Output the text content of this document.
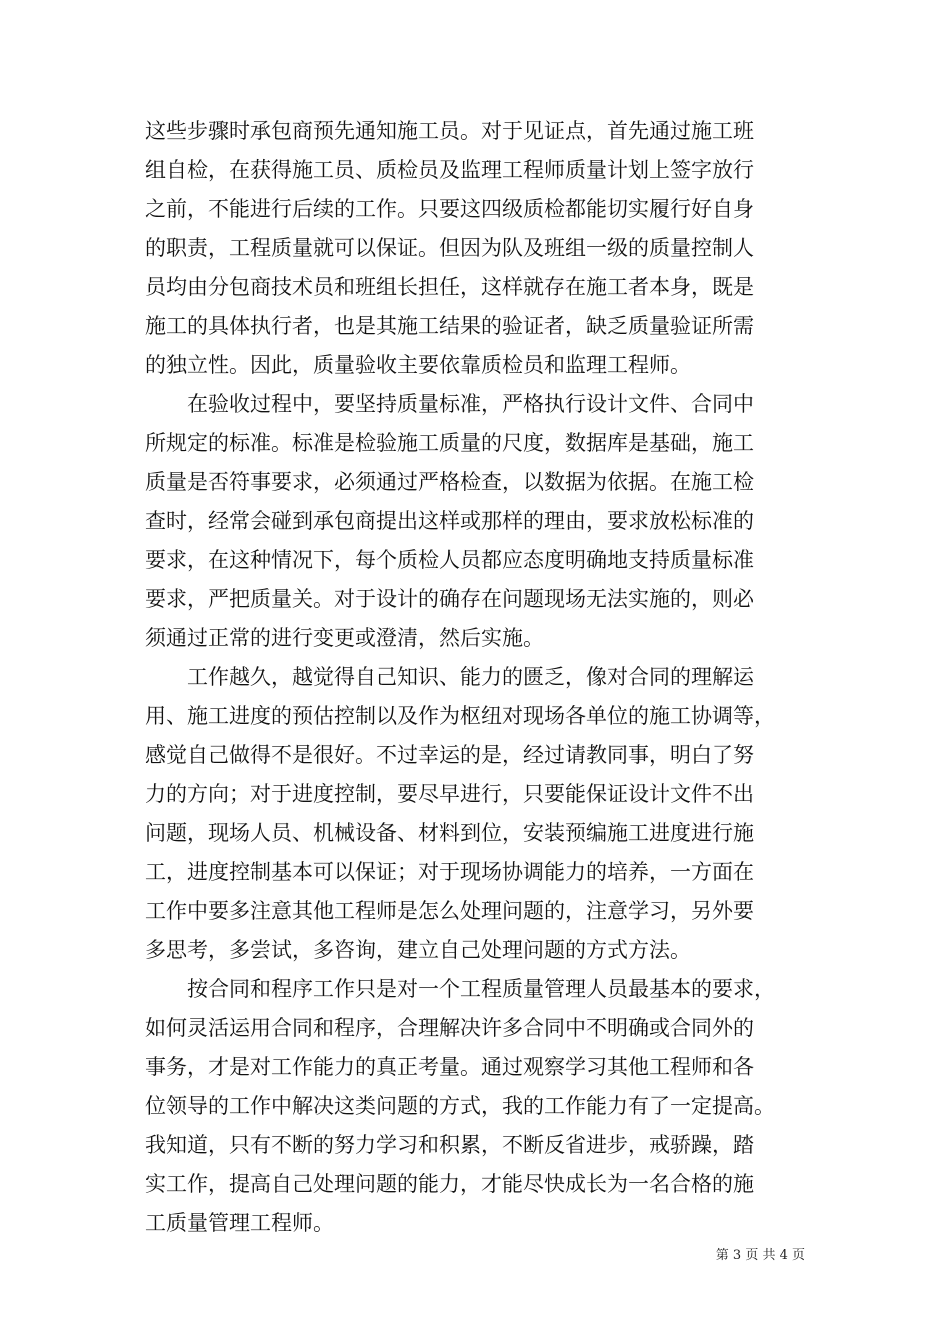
这些步骤时承包商预先通知施工员。对于见证点，首先通过施工班
组自检，在获得施工员、质检员及监理工程师质量计划上签字放行
之前，不能进行后续的工作。只要这四级质检都能切实履行好自身
的职责，工程质量就可以保证。但因为队及班组一级的质量控制人
员均由分包商技术员和班组长担任，这样就存在施工者本身，既是
施工的具体执行者，也是其施工结果的验证者，缺乏质量验证所需
的独立性。因此，质量验收主要依靠质检员和监理工程师。
　　在验收过程中，要坚持质量标准，严格执行设计文件、合同中
所规定的标准。标准是检验施工质量的尺度，数据库是基础，施工
质量是否符事要求，必须通过严格检查，以数据为依据。在施工检
查时，经常会碰到承包商提出这样或那样的理由，要求放松标准的
要求，在这种情况下，每个质检人员都应态度明确地支持质量标准
要求，严把质量关。对于设计的确存在问题现场无法实施的，则必
须通过正常的进行变更或澄清，然后实施。
　　工作越久，越觉得自己知识、能力的匮乏，像对合同的理解运
用、施工进度的预估控制以及作为枢纽对现场各单位的施工协调等，
感觉自己做得不是很好。不过幸运的是，经过请教同事，明白了努
力的方向；对于进度控制，要尽早进行，只要能保证设计文件不出
问题，现场人员、机械设备、材料到位，安装预编施工进度进行施
工，进度控制基本可以保证；对于现场协调能力的培养，一方面在
工作中要多注意其他工程师是怎么处理问题的，注意学习，另外要
多思考，多尝试，多咨询，建立自己处理问题的方式方法。
　　按合同和程序工作只是对一个工程质量管理人员最基本的要求，
如何灵活运用合同和程序，合理解决许多合同中不明确或合同外的
事务，才是对工作能力的真正考量。通过观察学习其他工程师和各
位领导的工作中解决这类问题的方式，我的工作能力有了一定提高。
我知道，只有不断的努力学习和积累，不断反省进步，戒骄躁，踏
实工作，提高自己处理问题的能力，才能尽快成长为一名合格的施
工质量管理工程师。
第 3 页 共 4 页
